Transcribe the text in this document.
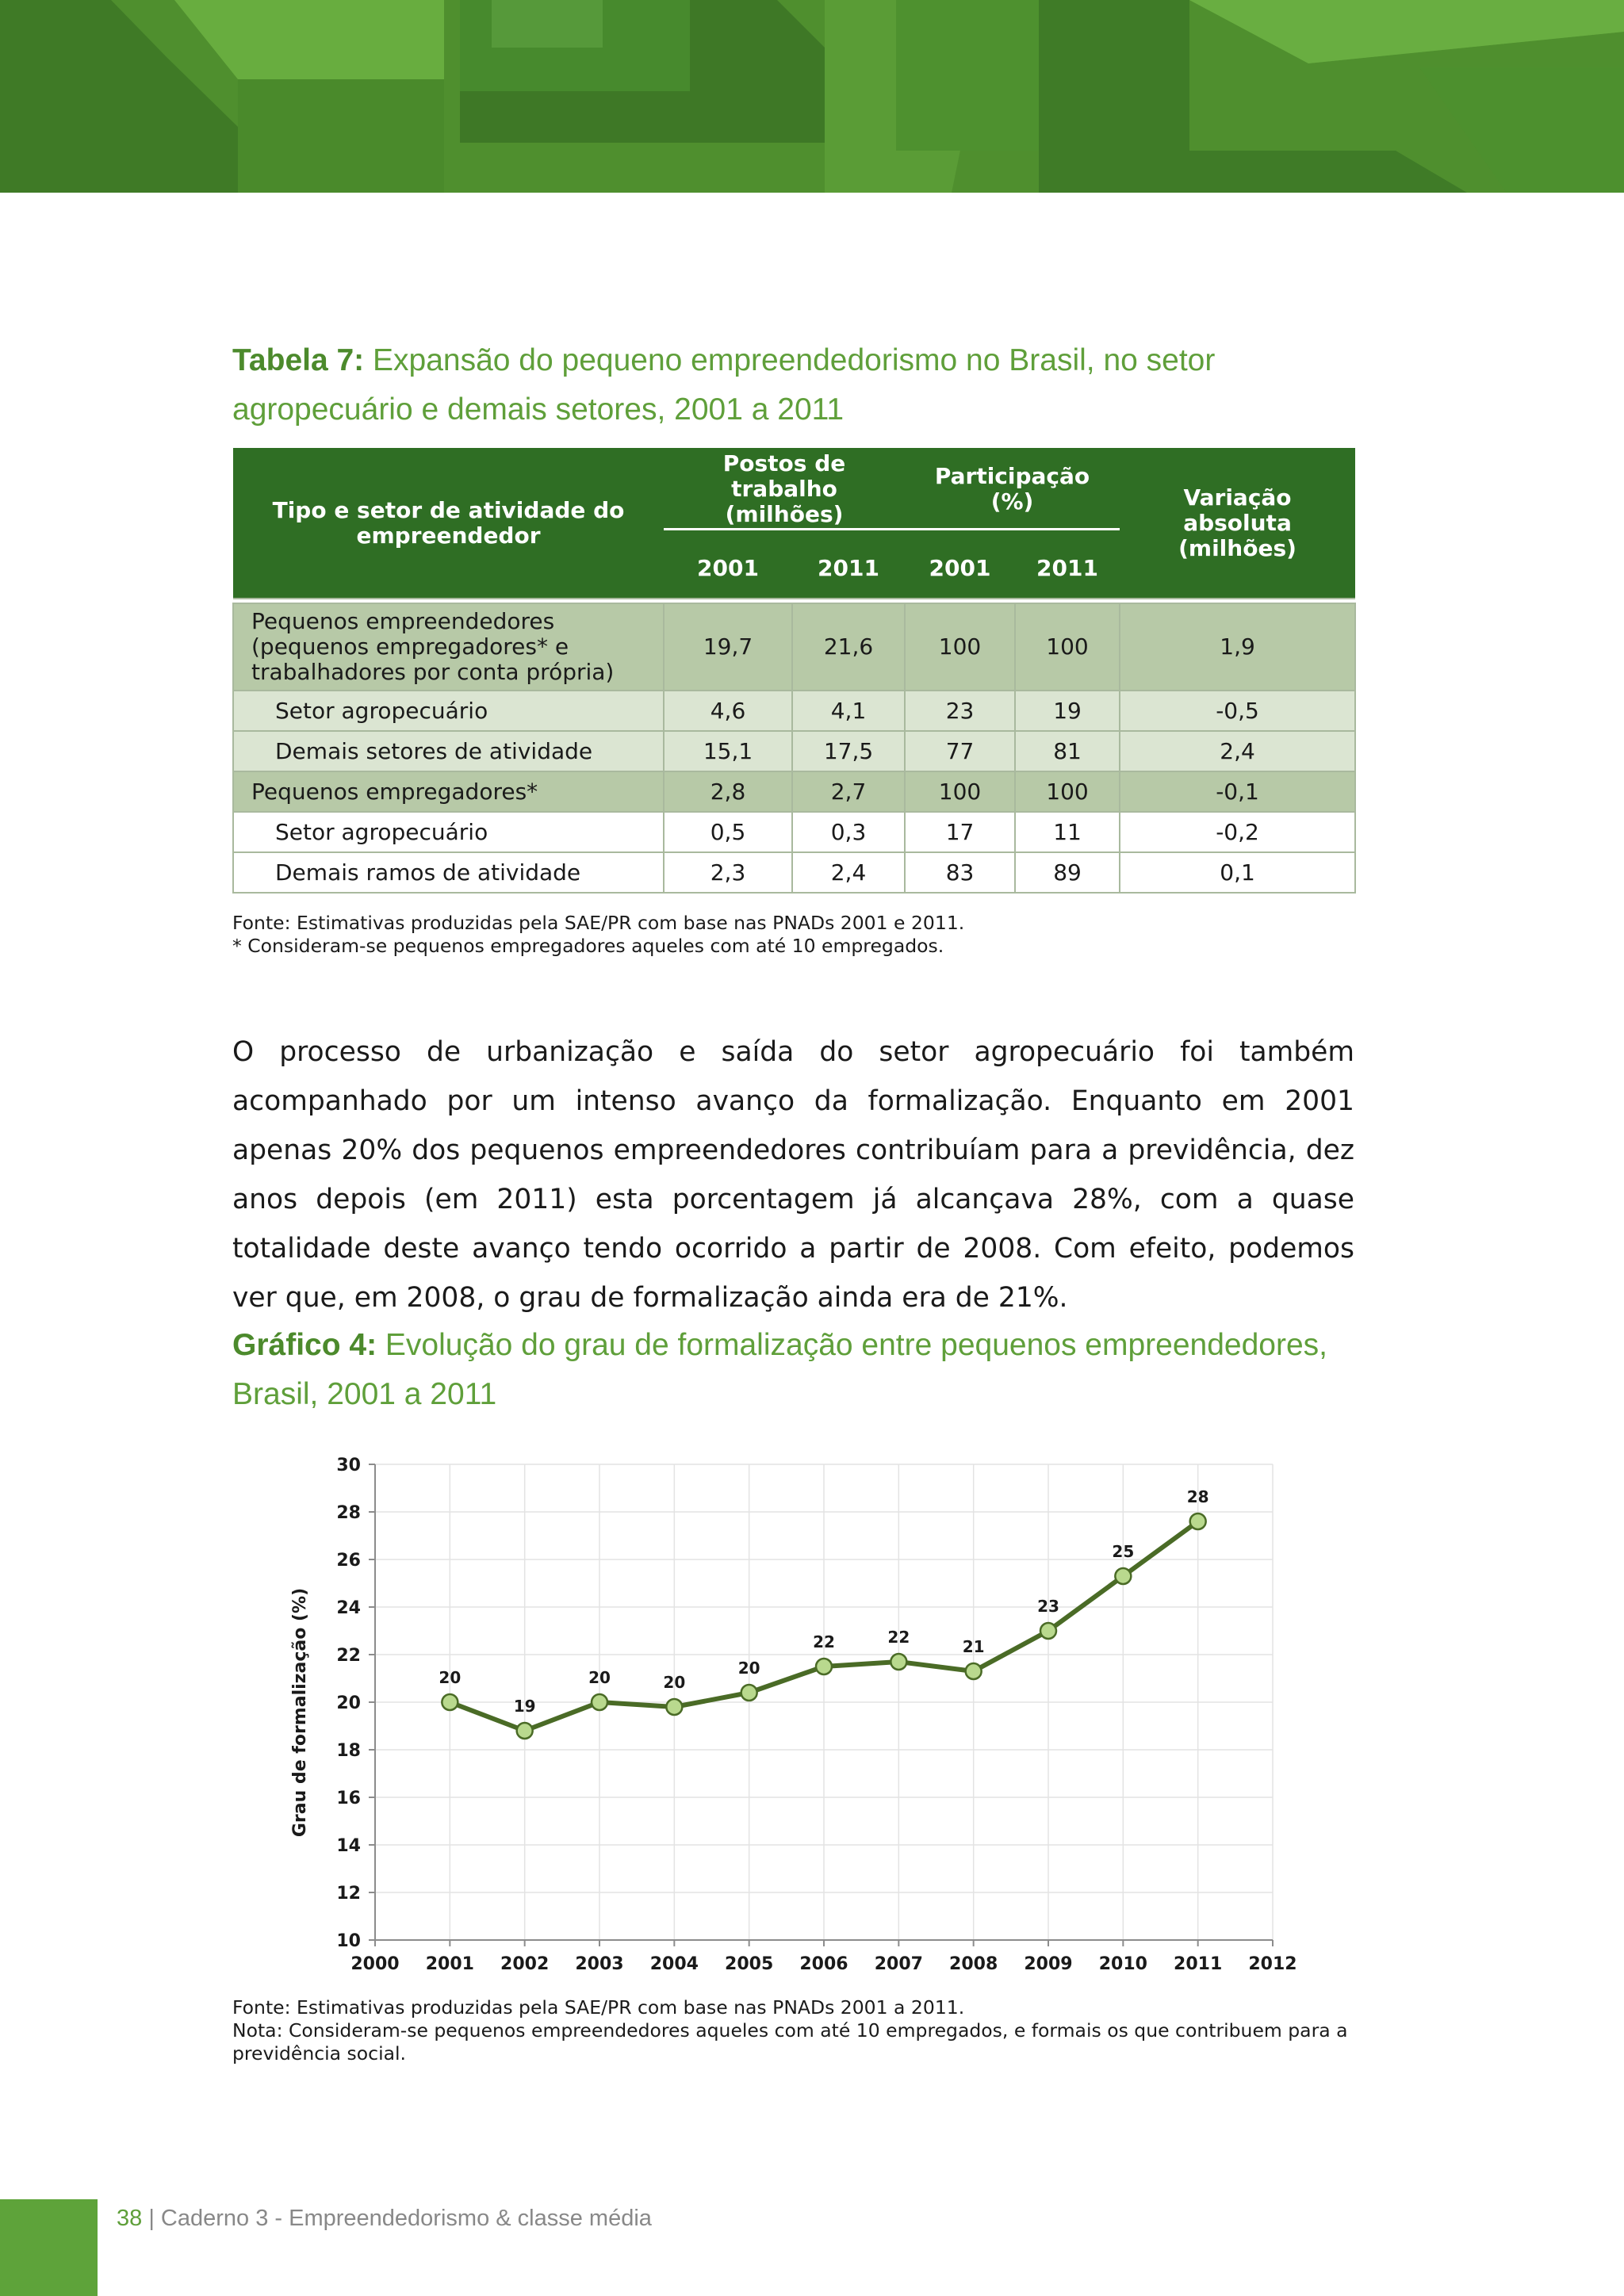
Tabela 7: Expansão do pequeno empreendedorismo no Brasil, no setor agropecuário e demais setores, 2001 a 2011
Tipo e setor de atividade do empreendedor	Postos de trabalho (milhões)		Participação (%)		Variação absoluta (milhões)
	2001	2011	2001	2011	

Pequenos empreendedores (pequenos empregadores* e trabalhadores por conta própria)	19,7	21,6	100	100	1,9
Setor agropecuário	4,6	4,1	23	19	-0,5
Demais setores de atividade	15,1	17,5	77	81	2,4
Pequenos empregadores*	2,8	2,7	100	100	-0,1
Setor agropecuário	0,5	0,3	17	11	-0,2
Demais ramos de atividade	2,3	2,4	83	89	0,1
Fonte: Estimativas produzidas pela SAE/PR com base nas PNADs 2001 e 2011.
* Consideram-se pequenos empregadores aqueles com até 10 empregados.

O processo de urbanização e saída do setor agropecuário foi também acompanhado por um intenso avanço da formalização. Enquanto em 2001 apenas 20% dos pequenos empreendedores contribuíam para a previdência, dez anos depois (em 2011) esta porcentagem já alcançava 28%, com a quase totalidade deste avanço tendo ocorrido a partir de 2008. Com efeito, podemos ver que, em 2008, o grau de formalização ainda era de 21%.

Gráfico 4: Evolução do grau de formalização entre pequenos empreendedores, Brasil, 2001 a 2011
10
12
14
16
18
20
22
24
26
28
30
2000 2001 2002 2003 2004 2005 2006 2007 2008 2009 2010 2011 2012
Grau de formalização (%)	20
19
20	20
20
22	22	21
23
25
28
Fonte: Estimativas produzidas pela SAE/PR com base nas PNADs 2001 a 2011.
Nota: Consideram-se pequenos empreendedores aqueles com até 10 empregados, e formais os que contribuem para a previdência social.
38 | Caderno 3 - Empreendedorismo & classe média
